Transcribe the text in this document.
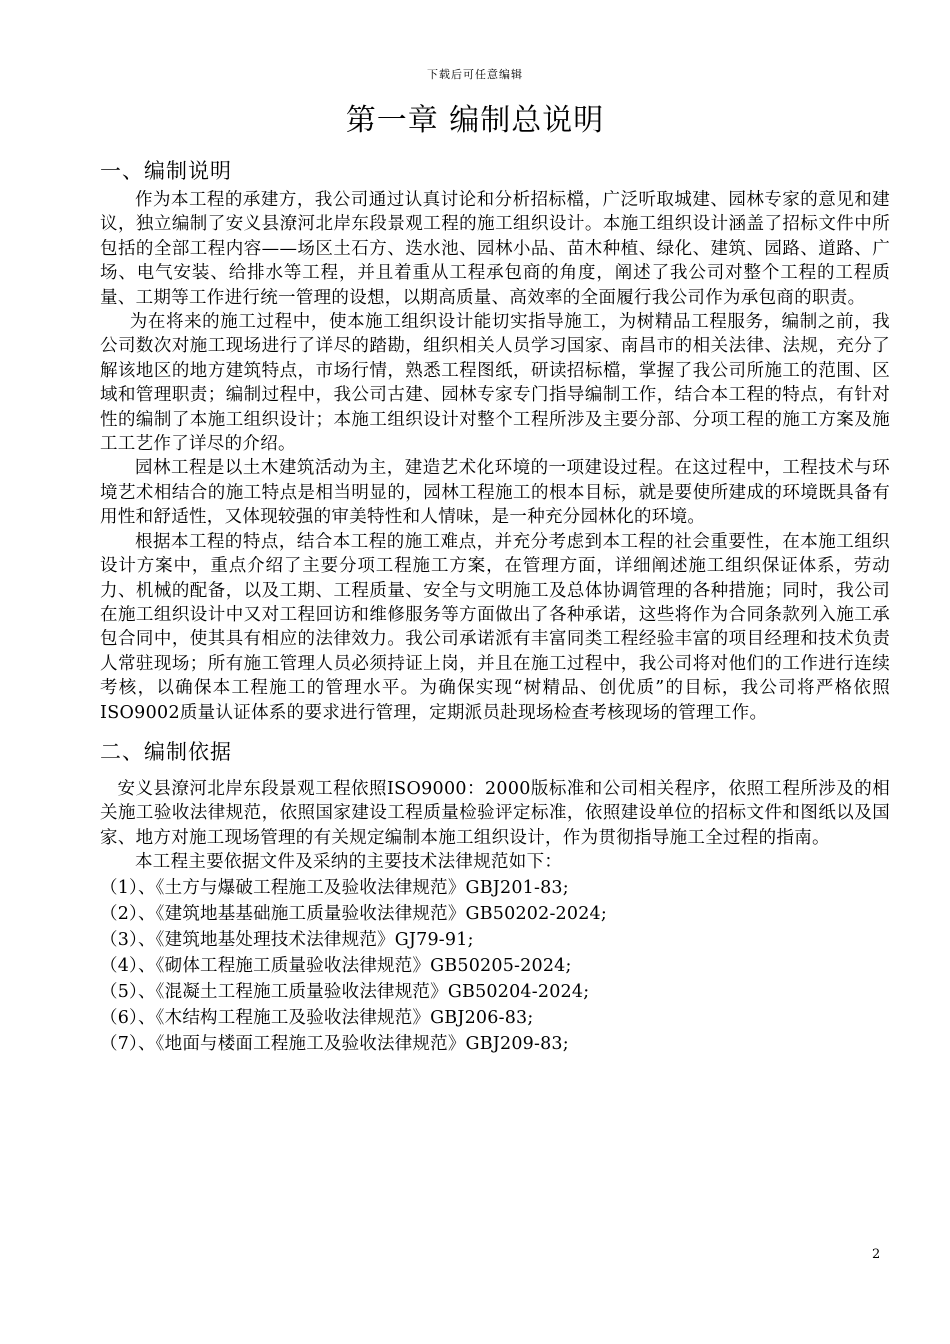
下载后可任意编辑
第一章 编制总说明

一、编制说明

作为本工程的承建方，我公司通过认真讨论和分析招标檔，广泛听取城建、园林专家的意见和建议，独立编制了安义县潦河北岸东段景观工程的施工组织设计。本施工组织设计涵盖了招标文件中所包括的全部工程内容——场区土石方、迭水池、园林小品、苗木种植、绿化、建筑、园路、道路、广场、电气安装、给排水等工程，并且着重从工程承包商的角度，阐述了我公司对整个工程的工程质量、工期等工作进行统一管理的设想，以期高质量、高效率的全面履行我公司作为承包商的职责。

为在将来的施工过程中，使本施工组织设计能切实指导施工，为树精品工程服务，编制之前，我公司数次对施工现场进行了详尽的踏勘，组织相关人员学习国家、南昌市的相关法律、法规，充分了解该地区的地方建筑特点，市场行情，熟悉工程图纸，研读招标檔，掌握了我公司所施工的范围、区域和管理职责；编制过程中，我公司古建、园林专家专门指导编制工作，结合本工程的特点，有针对性的编制了本施工组织设计；本施工组织设计对整个工程所涉及主要分部、分项工程的施工方案及施工工艺作了详尽的介绍。

园林工程是以土木建筑活动为主，建造艺术化环境的一项建设过程。在这过程中，工程技术与环境艺术相结合的施工特点是相当明显的，园林工程施工的根本目标，就是要使所建成的环境既具备有用性和舒适性，又体现较强的审美特性和人情味，是一种充分园林化的环境。

根据本工程的特点，结合本工程的施工难点，并充分考虑到本工程的社会重要性，在本施工组织设计方案中，重点介绍了主要分项工程施工方案，在管理方面，详细阐述施工组织保证体系，劳动力、机械的配备，以及工期、工程质量、安全与文明施工及总体协调管理的各种措施；同时，我公司在施工组织设计中又对工程回访和维修服务等方面做出了各种承诺，这些将作为合同条款列入施工承包合同中，使其具有相应的法律效力。我公司承诺派有丰富同类工程经验丰富的项目经理和技术负责人常驻现场；所有施工管理人员必须持证上岗，并且在施工过程中，我公司将对他们的工作进行连续考核，以确保本工程施工的管理水平。为确保实现“树精品、创优质”的目标，我公司将严格依照ISO9002质量认证体系的要求进行管理，定期派员赴现场检查考核现场的管理工作。

二、编制依据

安义县潦河北岸东段景观工程依照ISO9000：2000版标准和公司相关程序，依照工程所涉及的相关施工验收法律规范，依照国家建设工程质量检验评定标准，依照建设单位的招标文件和图纸以及国家、地方对施工现场管理的有关规定编制本施工组织设计，作为贯彻指导施工全过程的指南。

本工程主要依据文件及采纳的主要技术法律规范如下：

（1）、《土方与爆破工程施工及验收法律规范》GBJ201-83;
（2）、《建筑地基基础施工质量验收法律规范》GB50202-2024;
（3）、《建筑地基处理技术法律规范》GJ79-91;
（4）、《砌体工程施工质量验收法律规范》GB50205-2024;
（5）、《混凝土工程施工质量验收法律规范》GB50204-2024;
（6）、《木结构工程施工及验收法律规范》GBJ206-83;
（7）、《地面与楼面工程施工及验收法律规范》GBJ209-83;
2
